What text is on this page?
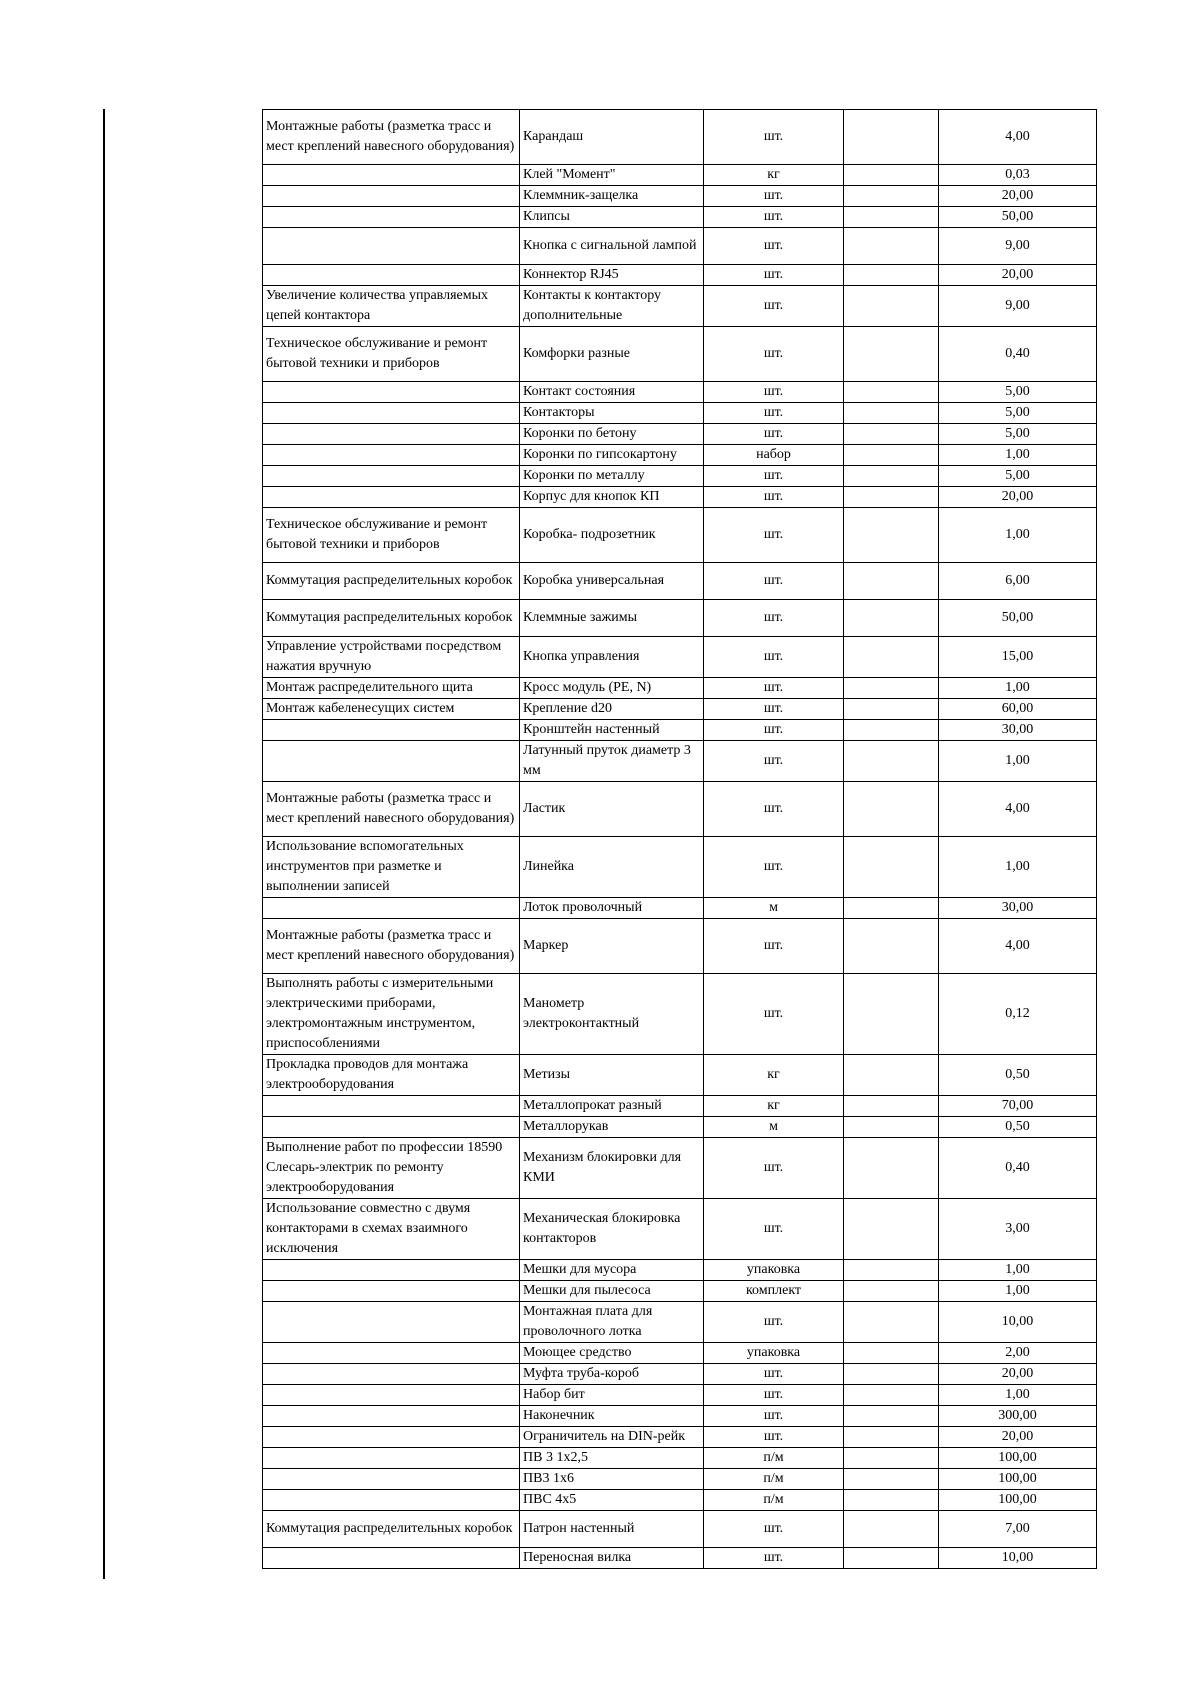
Монтажные работы (разметка трасс и мест креплений навесного оборудования)	Карандаш	шт.		4,00
	Клей "Момент"	кг		0,03
	Клеммник-защелка	шт.		20,00
	Клипсы	шт.		50,00
	Кнопка с сигнальной лампой	шт.		9,00
	Коннектор RJ45	шт.		20,00
Увеличение количества управляемых цепей контактора	Контакты к контактору дополнительные	шт.		9,00
Техническое обслуживание и ремонт бытовой техники и приборов	Комфорки разные	шт.		0,40
	Контакт состояния	шт.		5,00
	Контакторы	шт.		5,00
	Коронки по бетону	шт.		5,00
	Коронки по гипсокартону	набор		1,00
	Коронки по металлу	шт.		5,00
	Корпус для кнопок КП	шт.		20,00
Техническое обслуживание и ремонт бытовой техники и приборов	Коробка- подрозетник	шт.		1,00
Коммутация распределительных коробок	Коробка универсальная	шт.		6,00
Коммутация распределительных коробок	Клеммные зажимы	шт.		50,00
Управление устройствами посредством нажатия вручную	Кнопка управления	шт.		15,00
Монтаж распределительного щита	Кросс модуль (PE, N)	шт.		1,00
Монтаж кабеленесущих систем	Крепление d20	шт.		60,00
	Кронштейн настенный	шт.		30,00
	Латунный пруток диаметр 3 мм	шт.		1,00
Монтажные работы (разметка трасс и мест креплений навесного оборудования)	Ластик	шт.		4,00
Использование вспомогательных инструментов при разметке и выполнении записей	Линейка	шт.		1,00
	Лоток проволочный	м		30,00
Монтажные работы (разметка трасс и мест креплений навесного оборудования)	Маркер	шт.		4,00
Выполнять работы с измерительными электрическими приборами, электромонтажным инструментом, приспособлениями	Манометр электроконтактный	шт.		0,12
Прокладка проводов для монтажа электрооборудования	Метизы	кг		0,50
	Металлопрокат разный	кг		70,00
	Металлорукав	м		0,50
Выполнение работ по профессии 18590 Слесарь-электрик по ремонту электрооборудования	Механизм блокировки для КМИ	шт.		0,40
Использование совместно с двумя контакторами в схемах взаимного исключения	Механическая блокировка контакторов	шт.		3,00
	Мешки для мусора	упаковка		1,00
	Мешки для пылесоса	комплект		1,00
	Монтажная плата для проволочного лотка	шт.		10,00
	Моющее средство	упаковка		2,00
	Муфта труба-короб	шт.		20,00
	Набор бит	шт.		1,00
	Наконечник	шт.		300,00
	Ограничитель на DIN-рейк	шт.		20,00
	ПВ 3 1х2,5	п/м		100,00
	ПВ3 1х6	п/м		100,00
	ПВС 4х5	п/м		100,00
Коммутация распределительных коробок	Патрон настенный	шт.		7,00
	Переносная вилка	шт.		10,00
